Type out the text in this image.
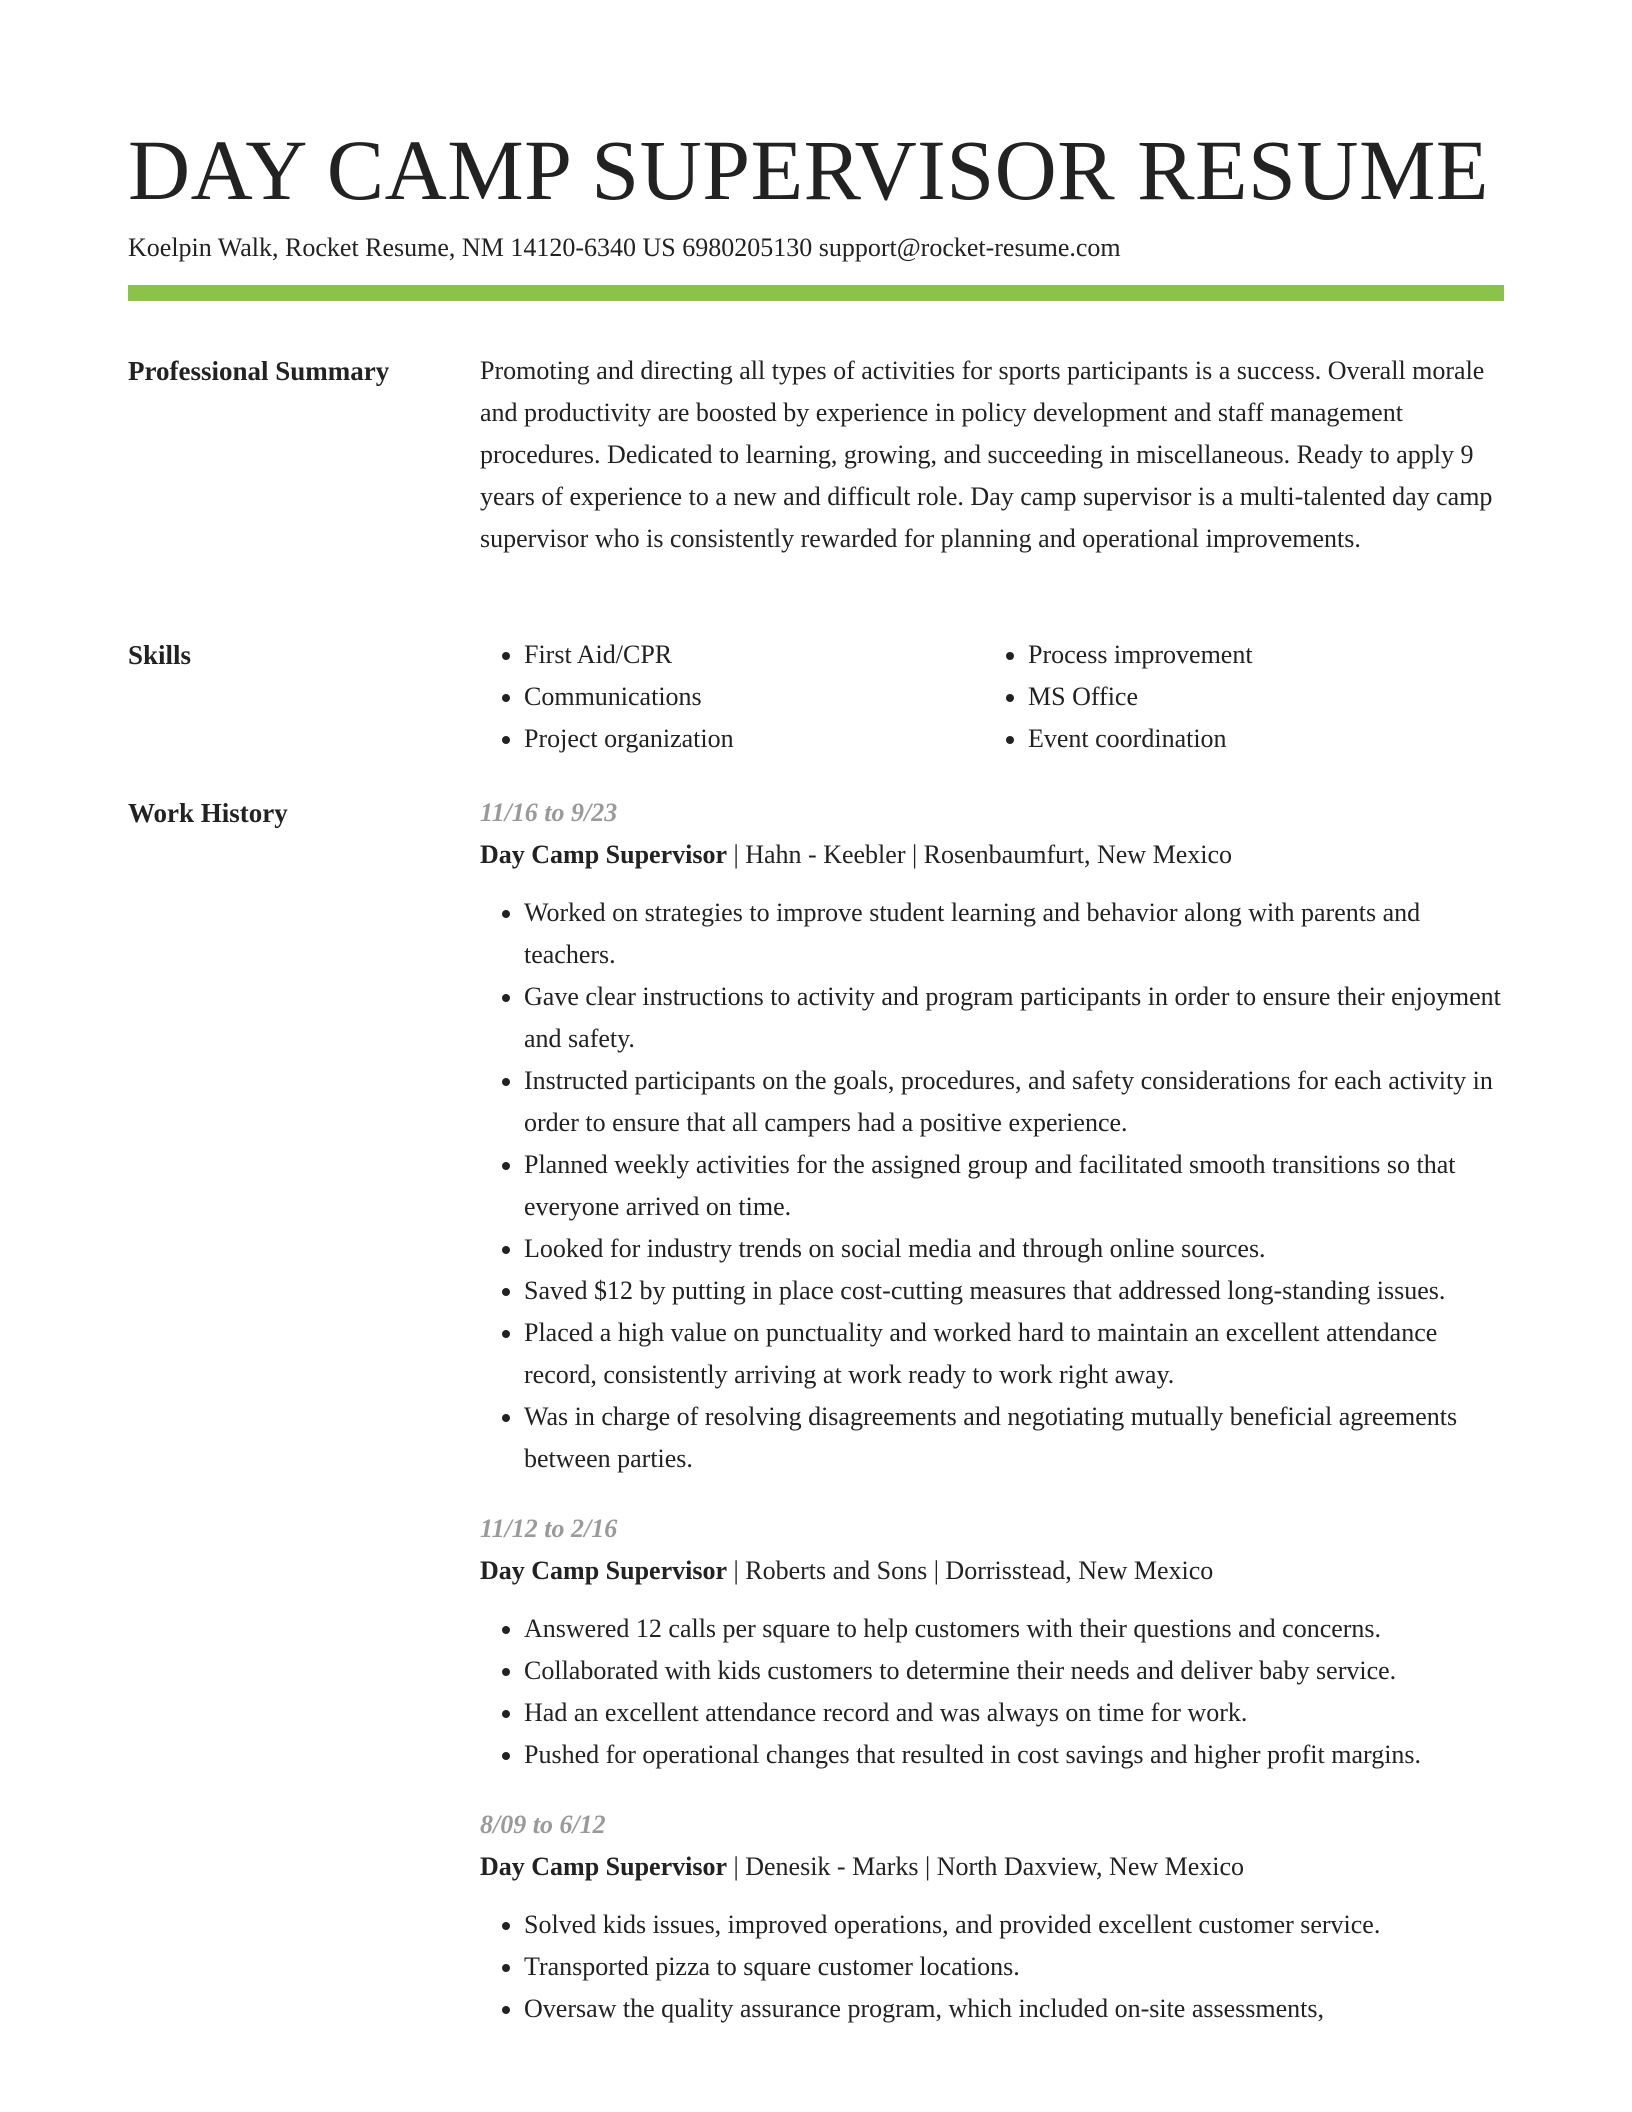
DAY CAMP SUPERVISOR RESUME
Koelpin Walk, Rocket Resume, NM 14120-6340 US 6980205130 support@rocket-resume.com
Professional Summary	Promoting and directing all types of activities for sports participants is a success. Overall morale and productivity are boosted by experience in policy development and staff management procedures. Dedicated to learning, growing, and succeeding in miscellaneous. Ready to apply 9 years of experience to a new and difficult role. Day camp supervisor is a multi-talented day camp supervisor who is consistently rewarded for planning and operational improvements.

Skills
•	First Aid/CPR
• Communications
• Project organization
• Process improvement
• MS Office
• Event coordination
Work History	11/16 to 9/23
Day Camp Supervisor | Hahn - Keebler | Rosenbaumfurt, New Mexico
• Worked on strategies to improve student learning and behavior along with parents and teachers.
• Gave clear instructions to activity and program participants in order to ensure their enjoyment and safety.
• Instructed participants on the goals, procedures, and safety considerations for each activity in order to ensure that all campers had a positive experience.
• Planned weekly activities for the assigned group and facilitated smooth transitions so that everyone arrived on time.
• Looked for industry trends on social media and through online sources.
• Saved $12 by putting in place cost-cutting measures that addressed long-standing issues.
• Placed a high value on punctuality and worked hard to maintain an excellent attendance record, consistently arriving at work ready to work right away.
• Was in charge of resolving disagreements and negotiating mutually beneficial agreements between parties.
11/12 to 2/16
Day Camp Supervisor | Roberts and Sons | Dorrisstead, New Mexico
• Answered 12 calls per square to help customers with their questions and concerns.
• Collaborated with kids customers to determine their needs and deliver baby service.
• Had an excellent attendance record and was always on time for work.
• Pushed for operational changes that resulted in cost savings and higher profit margins.
8/09 to 6/12
Day Camp Supervisor | Denesik - Marks | North Daxview, New Mexico
• Solved kids issues, improved operations, and provided excellent customer service.
• Transported pizza to square customer locations.
• Oversaw the quality assurance program, which included on-site assessments,
